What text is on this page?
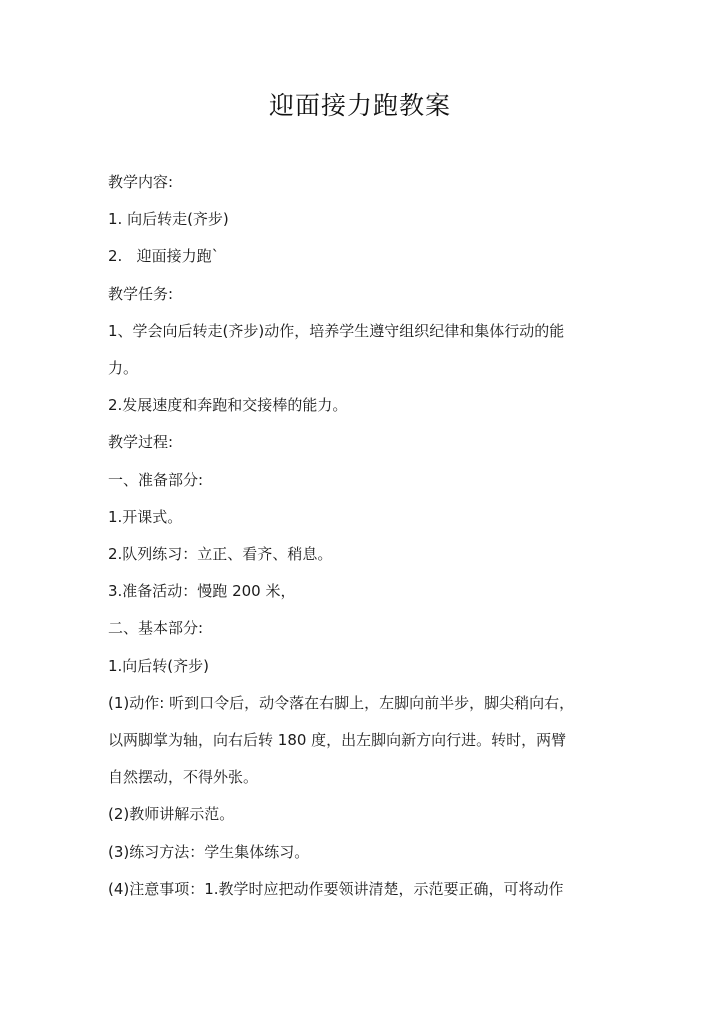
迎面接力跑教案

教学内容:

1. 向后转走(齐步)

2.   迎面接力跑`

教学任务:

1、学会向后转走(齐步)动作，培养学生遵守组织纪律和集体行动的能

力。

2.发展速度和奔跑和交接棒的能力。

教学过程:

一、准备部分:

1.开课式。

2.队列练习：立正、看齐、稍息。

3.准备活动：慢跑 200 米，

二、基本部分:

1.向后转(齐步)

(1)动作: 听到口令后，动令落在右脚上，左脚向前半步，脚尖稍向右，

以两脚掌为轴，向右后转 180 度，出左脚向新方向行进。转时，两臂

自然摆动，不得外张。

(2)教师讲解示范。

(3)练习方法：学生集体练习。

(4)注意事项：1.教学时应把动作要领讲清楚，示范要正确，可将动作
